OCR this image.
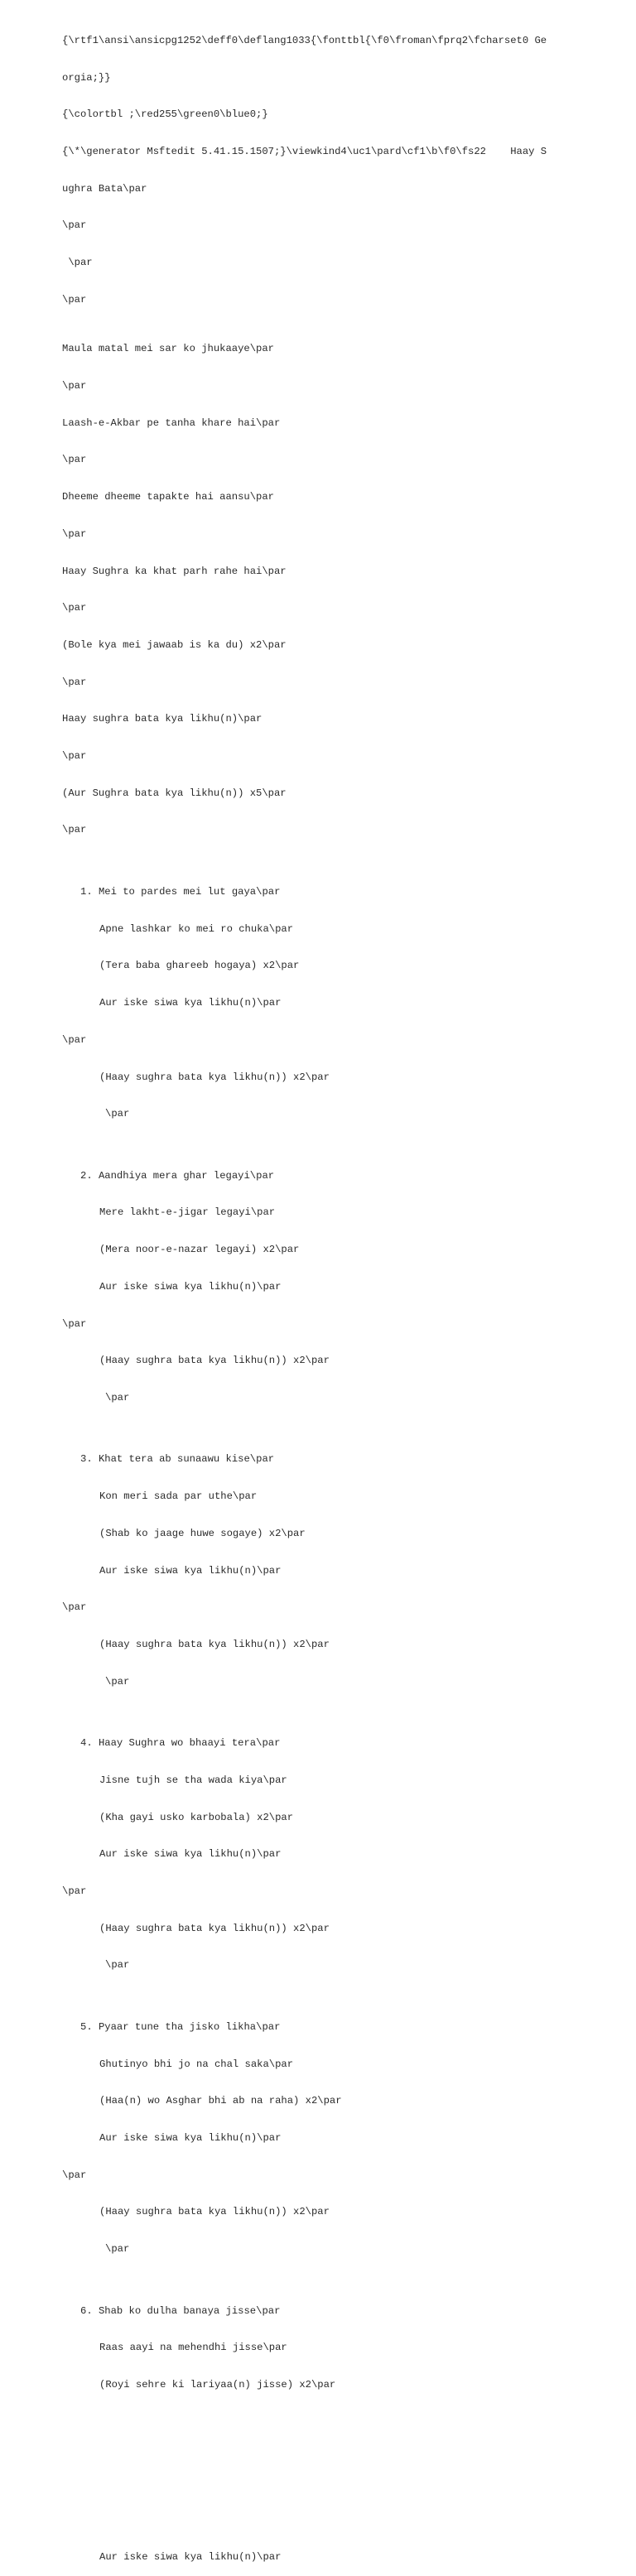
{\rtf1\ansi\ansicpg1252\deff0\deflang1033{\fonttbl{\f0\froman\fprq2\fcharset0 Ge

orgia;}}

{\colortbl ;\red255\green0\blue0;}

{\*\generator Msftedit 5.41.15.1507;}\viewkind4\uc1\pard\cf1\b\f0\fs22    Haay S

ughra Bata\par

\par

\par

\par

Maula matal mei sar ko jhukaaye\par

\par

Laash-e-Akbar pe tanha khare hai\par

\par

Dheeme dheeme tapakte hai aansu\par

\par

Haay Sughra ka khat parh rahe hai\par

\par

(Bole kya mei jawaab is ka du) x2\par

\par

Haay sughra bata kya likhu(n)\par

\par

(Aur Sughra bata kya likhu(n)) x5\par

\par

1. Mei to pardes mei lut gaya\par

Apne lashkar ko mei ro chuka\par

(Tera baba ghareeb hogaya) x2\par

Aur iske siwa kya likhu(n)\par

\par

(Haay sughra bata kya likhu(n)) x2\par

\par

2. Aandhiya mera ghar legayi\par

Mere lakht-e-jigar legayi\par

(Mera noor-e-nazar legayi) x2\par

Aur iske siwa kya likhu(n)\par

\par

(Haay sughra bata kya likhu(n)) x2\par

\par

3. Khat tera ab sunaawu kise\par

Kon meri sada par uthe\par

(Shab ko jaage huwe sogaye) x2\par

Aur iske siwa kya likhu(n)\par

\par

(Haay sughra bata kya likhu(n)) x2\par

\par

4. Haay Sughra wo bhaayi tera\par

Jisne tujh se tha wada kiya\par

(Kha gayi usko karbobala) x2\par

Aur iske siwa kya likhu(n)\par

\par

(Haay sughra bata kya likhu(n)) x2\par

\par

5. Pyaar tune tha jisko likha\par

Ghutinyo bhi jo na chal saka\par

(Haa(n) wo Asghar bhi ab na raha) x2\par

Aur iske siwa kya likhu(n)\par

\par

(Haay sughra bata kya likhu(n)) x2\par

\par

6. Shab ko dulha banaya jisse\par

Raas aayi na mehendhi jisse\par

(Royi sehre ki lariyaa(n) jisse) x2\par

Aur iske siwa kya likhu(n)\par
